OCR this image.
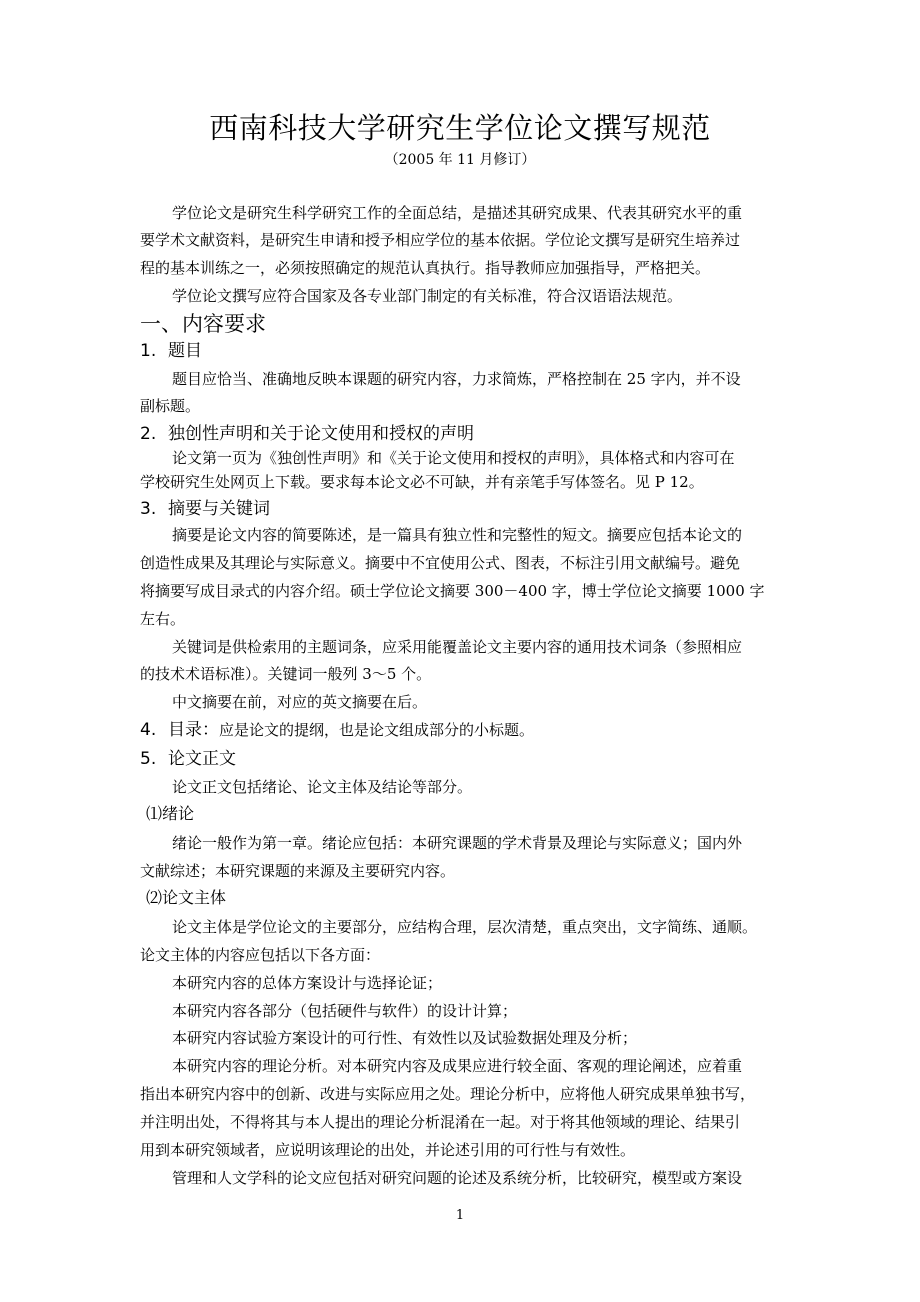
西南科技大学研究生学位论文撰写规范
（2005 年 11 月修订）
学位论文是研究生科学研究工作的全面总结，是描述其研究成果、代表其研究水平的重
要学术文献资料，是研究生申请和授予相应学位的基本依据。学位论文撰写是研究生培养过
程的基本训练之一，必须按照确定的规范认真执行。指导教师应加强指导，严格把关。
学位论文撰写应符合国家及各专业部门制定的有关标准，符合汉语语法规范。
一、内容要求
1. 题目
题目应恰当、准确地反映本课题的研究内容，力求简炼，严格控制在 25 字内，并不设
副标题。
2. 独创性声明和关于论文使用和授权的声明
论文第一页为《独创性声明》和《关于论文使用和授权的声明》，具体格式和内容可在
学校研究生处网页上下载。要求每本论文必不可缺，并有亲笔手写体签名。见 P 12。
3. 摘要与关键词
摘要是论文内容的简要陈述，是一篇具有独立性和完整性的短文。摘要应包括本论文的
创造性成果及其理论与实际意义。摘要中不宜使用公式、图表，不标注引用文献编号。避免
将摘要写成目录式的内容介绍。硕士学位论文摘要 300－400 字，博士学位论文摘要 1000 字
左右。
关键词是供检索用的主题词条，应采用能覆盖论文主要内容的通用技术词条（参照相应
的技术术语标准）。关键词一般列 3～5 个。
中文摘要在前，对应的英文摘要在后。
4. 目录：应是论文的提纲，也是论文组成部分的小标题。
5. 论文正文
论文正文包括绪论、论文主体及结论等部分。
⑴绪论
绪论一般作为第一章。绪论应包括：本研究课题的学术背景及理论与实际意义；国内外
文献综述；本研究课题的来源及主要研究内容。
⑵论文主体
论文主体是学位论文的主要部分，应结构合理，层次清楚，重点突出，文字简练、通顺。
论文主体的内容应包括以下各方面：
本研究内容的总体方案设计与选择论证；
本研究内容各部分（包括硬件与软件）的设计计算；
本研究内容试验方案设计的可行性、有效性以及试验数据处理及分析；
本研究内容的理论分析。对本研究内容及成果应进行较全面、客观的理论阐述，应着重
指出本研究内容中的创新、改进与实际应用之处。理论分析中，应将他人研究成果单独书写，
并注明出处，不得将其与本人提出的理论分析混淆在一起。对于将其他领域的理论、结果引
用到本研究领域者，应说明该理论的出处，并论述引用的可行性与有效性。
管理和人文学科的论文应包括对研究问题的论述及系统分析，比较研究，模型或方案设
1
